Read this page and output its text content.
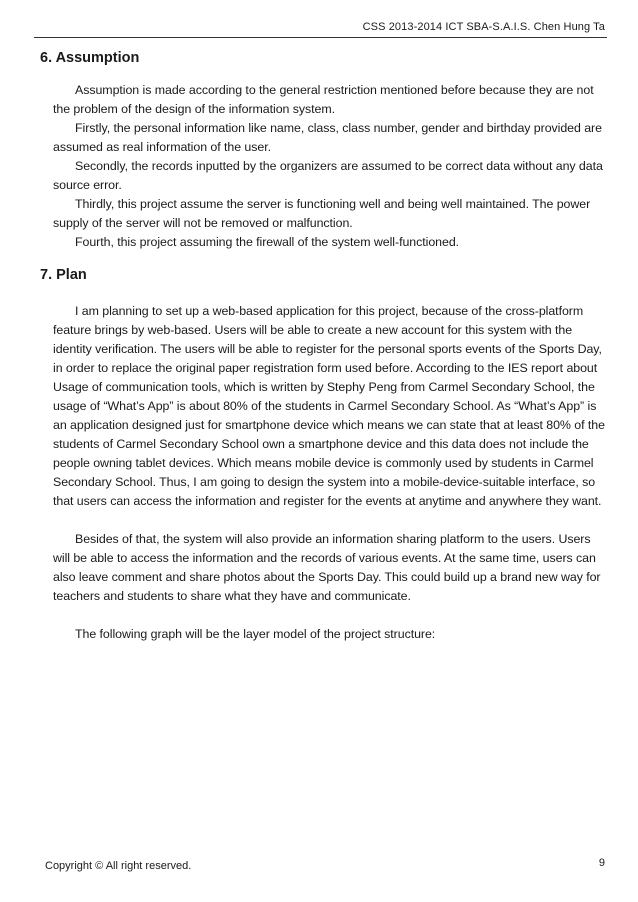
CSS 2013-2014 ICT SBA-S.A.I.S. Chen Hung Ta
6. Assumption

Assumption is made according to the general restriction mentioned before because they are not the problem of the design of the information system.

Firstly, the personal information like name, class, class number, gender and birthday provided are assumed as real information of the user.

Secondly, the records inputted by the organizers are assumed to be correct data without any data source error.

Thirdly, this project assume the server is functioning well and being well maintained. The power supply of the server will not be removed or malfunction.

Fourth, this project assuming the firewall of the system well-functioned.

7. Plan

I am planning to set up a web-based application for this project, because of the cross-platform feature brings by web-based. Users will be able to create a new account for this system with the identity verification. The users will be able to register for the personal sports events of the Sports Day, in order to replace the original paper registration form used before. According to the IES report about Usage of communication tools, which is written by Stephy Peng from Carmel Secondary School, the usage of “What’s App” is about 80% of the students in Carmel Secondary School. As “What’s App” is an application designed just for smartphone device which means we can state that at least 80% of the students of Carmel Secondary School own a smartphone device and this data does not include the people owning tablet devices. Which means mobile device is commonly used by students in Carmel Secondary School. Thus, I am going to design the system into a mobile-device-suitable interface, so that users can access the information and register for the events at anytime and anywhere they want.

Besides of that, the system will also provide an information sharing platform to the users. Users will be able to access the information and the records of various events. At the same time, users can also leave comment and share photos about the Sports Day. This could build up a brand new way for teachers and students to share what they have and communicate.

The following graph will be the layer model of the project structure:

Copyright © All right reserved.	9
